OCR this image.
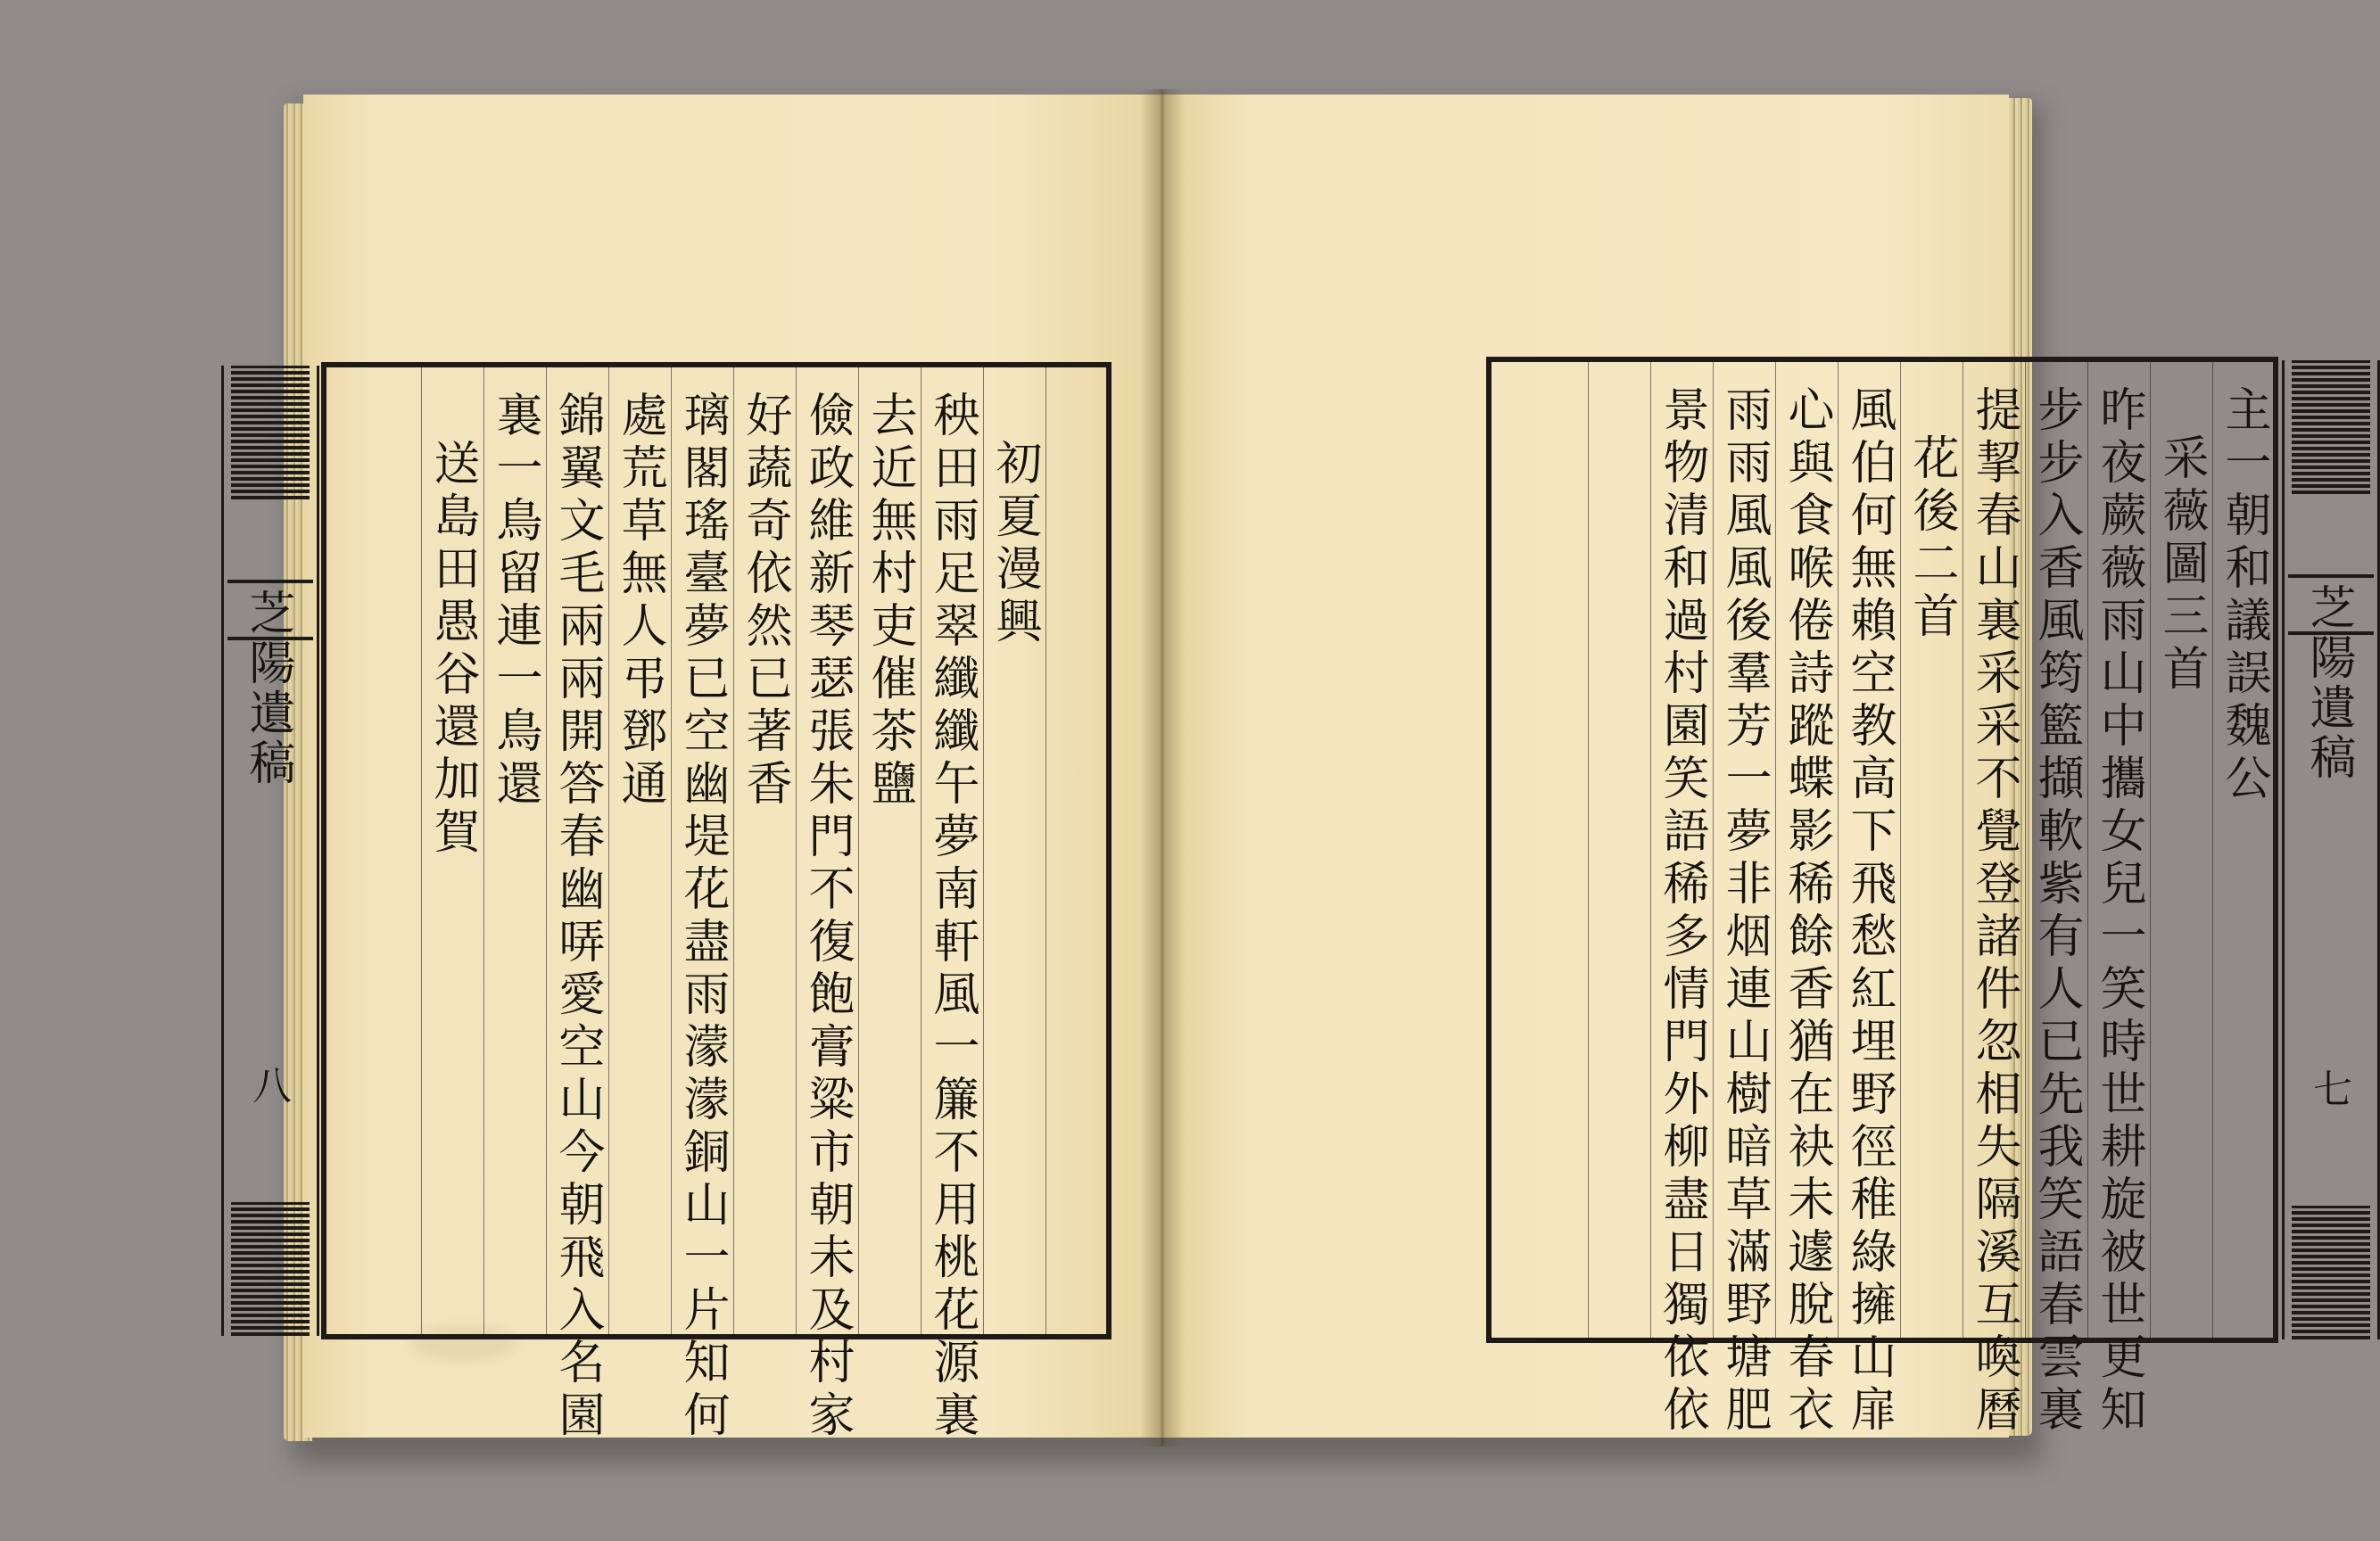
初夏漫興
秧田雨足翠纖纖午夢南軒風一簾不用桃花源裏
去近無村吏催茶鹽
儉政維新琴瑟張朱門不復飽膏粱市朝未及村家
好蔬奇依然已著香
璃閣瑤臺夢已空幽堤花盡雨濛濛銅山一片知何
處荒草無人弔鄧通
錦翼文毛兩兩開答春幽哢愛空山今朝飛入名園
裏一鳥留連一鳥還
送島田愚谷還加賀
芝陽遺稿
八
主一朝和議誤魏公
采薇圖三首
昨夜蕨薇雨山中攜女兒一笑時世耕旋被世更知
步步入香風筠籃擷軟紫有人已先我笑語春雲裏
提挈春山裏采采不覺登諸件忽相失隔溪互喚曆
花後二首
風伯何無賴空教高下飛愁紅埋野徑稚綠擁山扉
心與食喉倦詩蹤蝶影稀餘香猶在袂未遽脫春衣
雨雨風風後羣芳一夢非烟連山樹暗草滿野塘肥
景物清和過村園笑語稀多情門外柳盡日獨依依	芝陽遺稿
七
